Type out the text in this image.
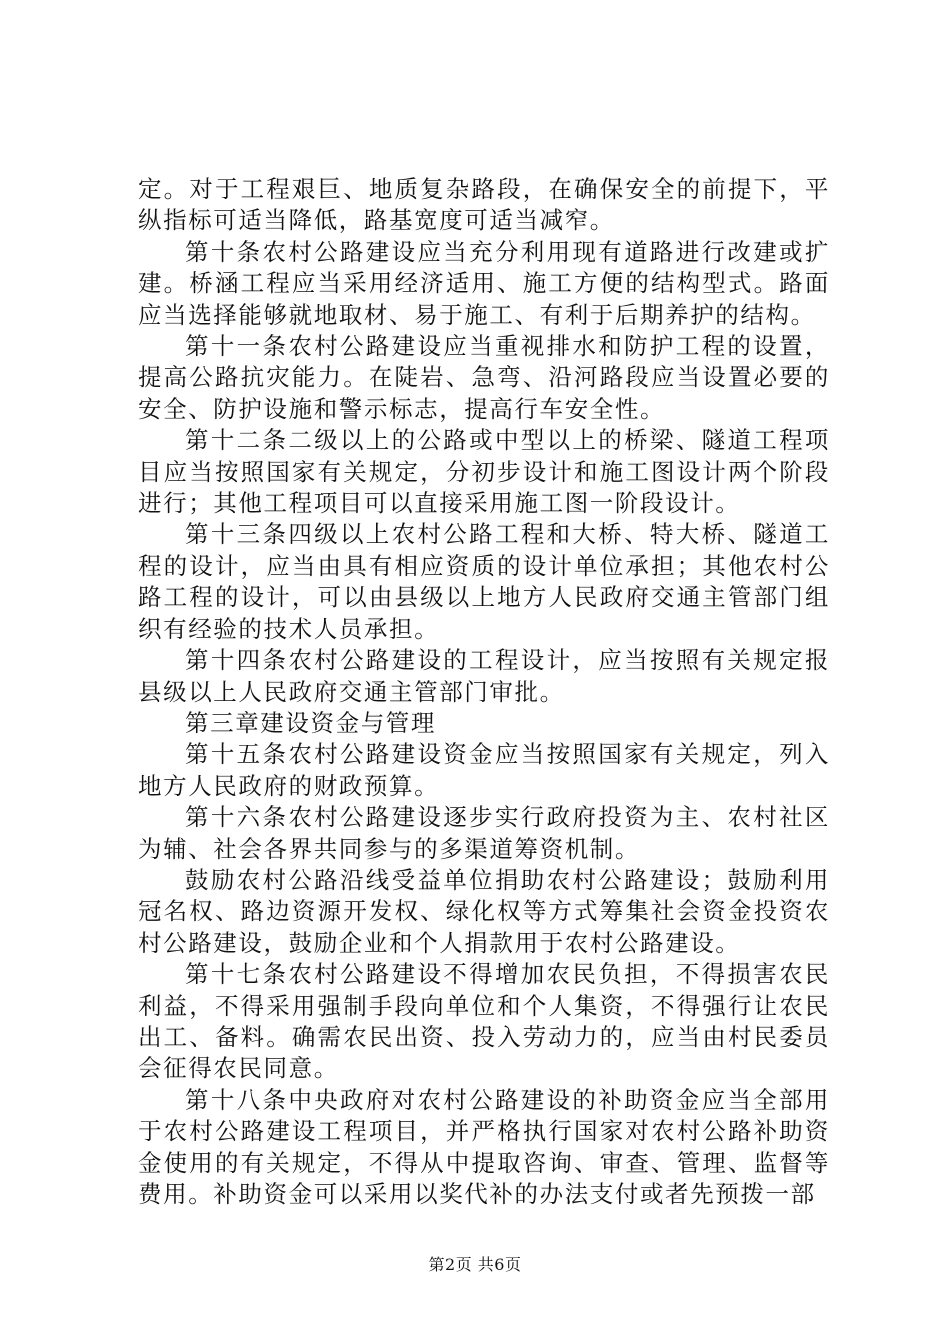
定。对于工程艰巨、地质复杂路段，在确保安全的前提下，平纵指标可适当降低，路基宽度可适当减窄。

第十条农村公路建设应当充分利用现有道路进行改建或扩建。桥涵工程应当采用经济适用、施工方便的结构型式。路面应当选择能够就地取材、易于施工、有利于后期养护的结构。

第十一条农村公路建设应当重视排水和防护工程的设置，提高公路抗灾能力。在陡岩、急弯、沿河路段应当设置必要的安全、防护设施和警示标志，提高行车安全性。

第十二条二级以上的公路或中型以上的桥梁、隧道工程项目应当按照国家有关规定，分初步设计和施工图设计两个阶段进行；其他工程项目可以直接采用施工图一阶段设计。

第十三条四级以上农村公路工程和大桥、特大桥、隧道工程的设计，应当由具有相应资质的设计单位承担；其他农村公路工程的设计，可以由县级以上地方人民政府交通主管部门组织有经验的技术人员承担。

第十四条农村公路建设的工程设计，应当按照有关规定报县级以上人民政府交通主管部门审批。

第三章建设资金与管理

第十五条农村公路建设资金应当按照国家有关规定，列入地方人民政府的财政预算。

第十六条农村公路建设逐步实行政府投资为主、农村社区为辅、社会各界共同参与的多渠道筹资机制。

鼓励农村公路沿线受益单位捐助农村公路建设；鼓励利用冠名权、路边资源开发权、绿化权等方式筹集社会资金投资农村公路建设，鼓励企业和个人捐款用于农村公路建设。

第十七条农村公路建设不得增加农民负担，不得损害农民利益，不得采用强制手段向单位和个人集资，不得强行让农民出工、备料。确需农民出资、投入劳动力的，应当由村民委员会征得农民同意。

第十八条中央政府对农村公路建设的补助资金应当全部用于农村公路建设工程项目，并严格执行国家对农村公路补助资金使用的有关规定，不得从中提取咨询、审查、管理、监督等费用。补助资金可以采用以奖代补的办法支付或者先预拨一部

第2页 共6页
